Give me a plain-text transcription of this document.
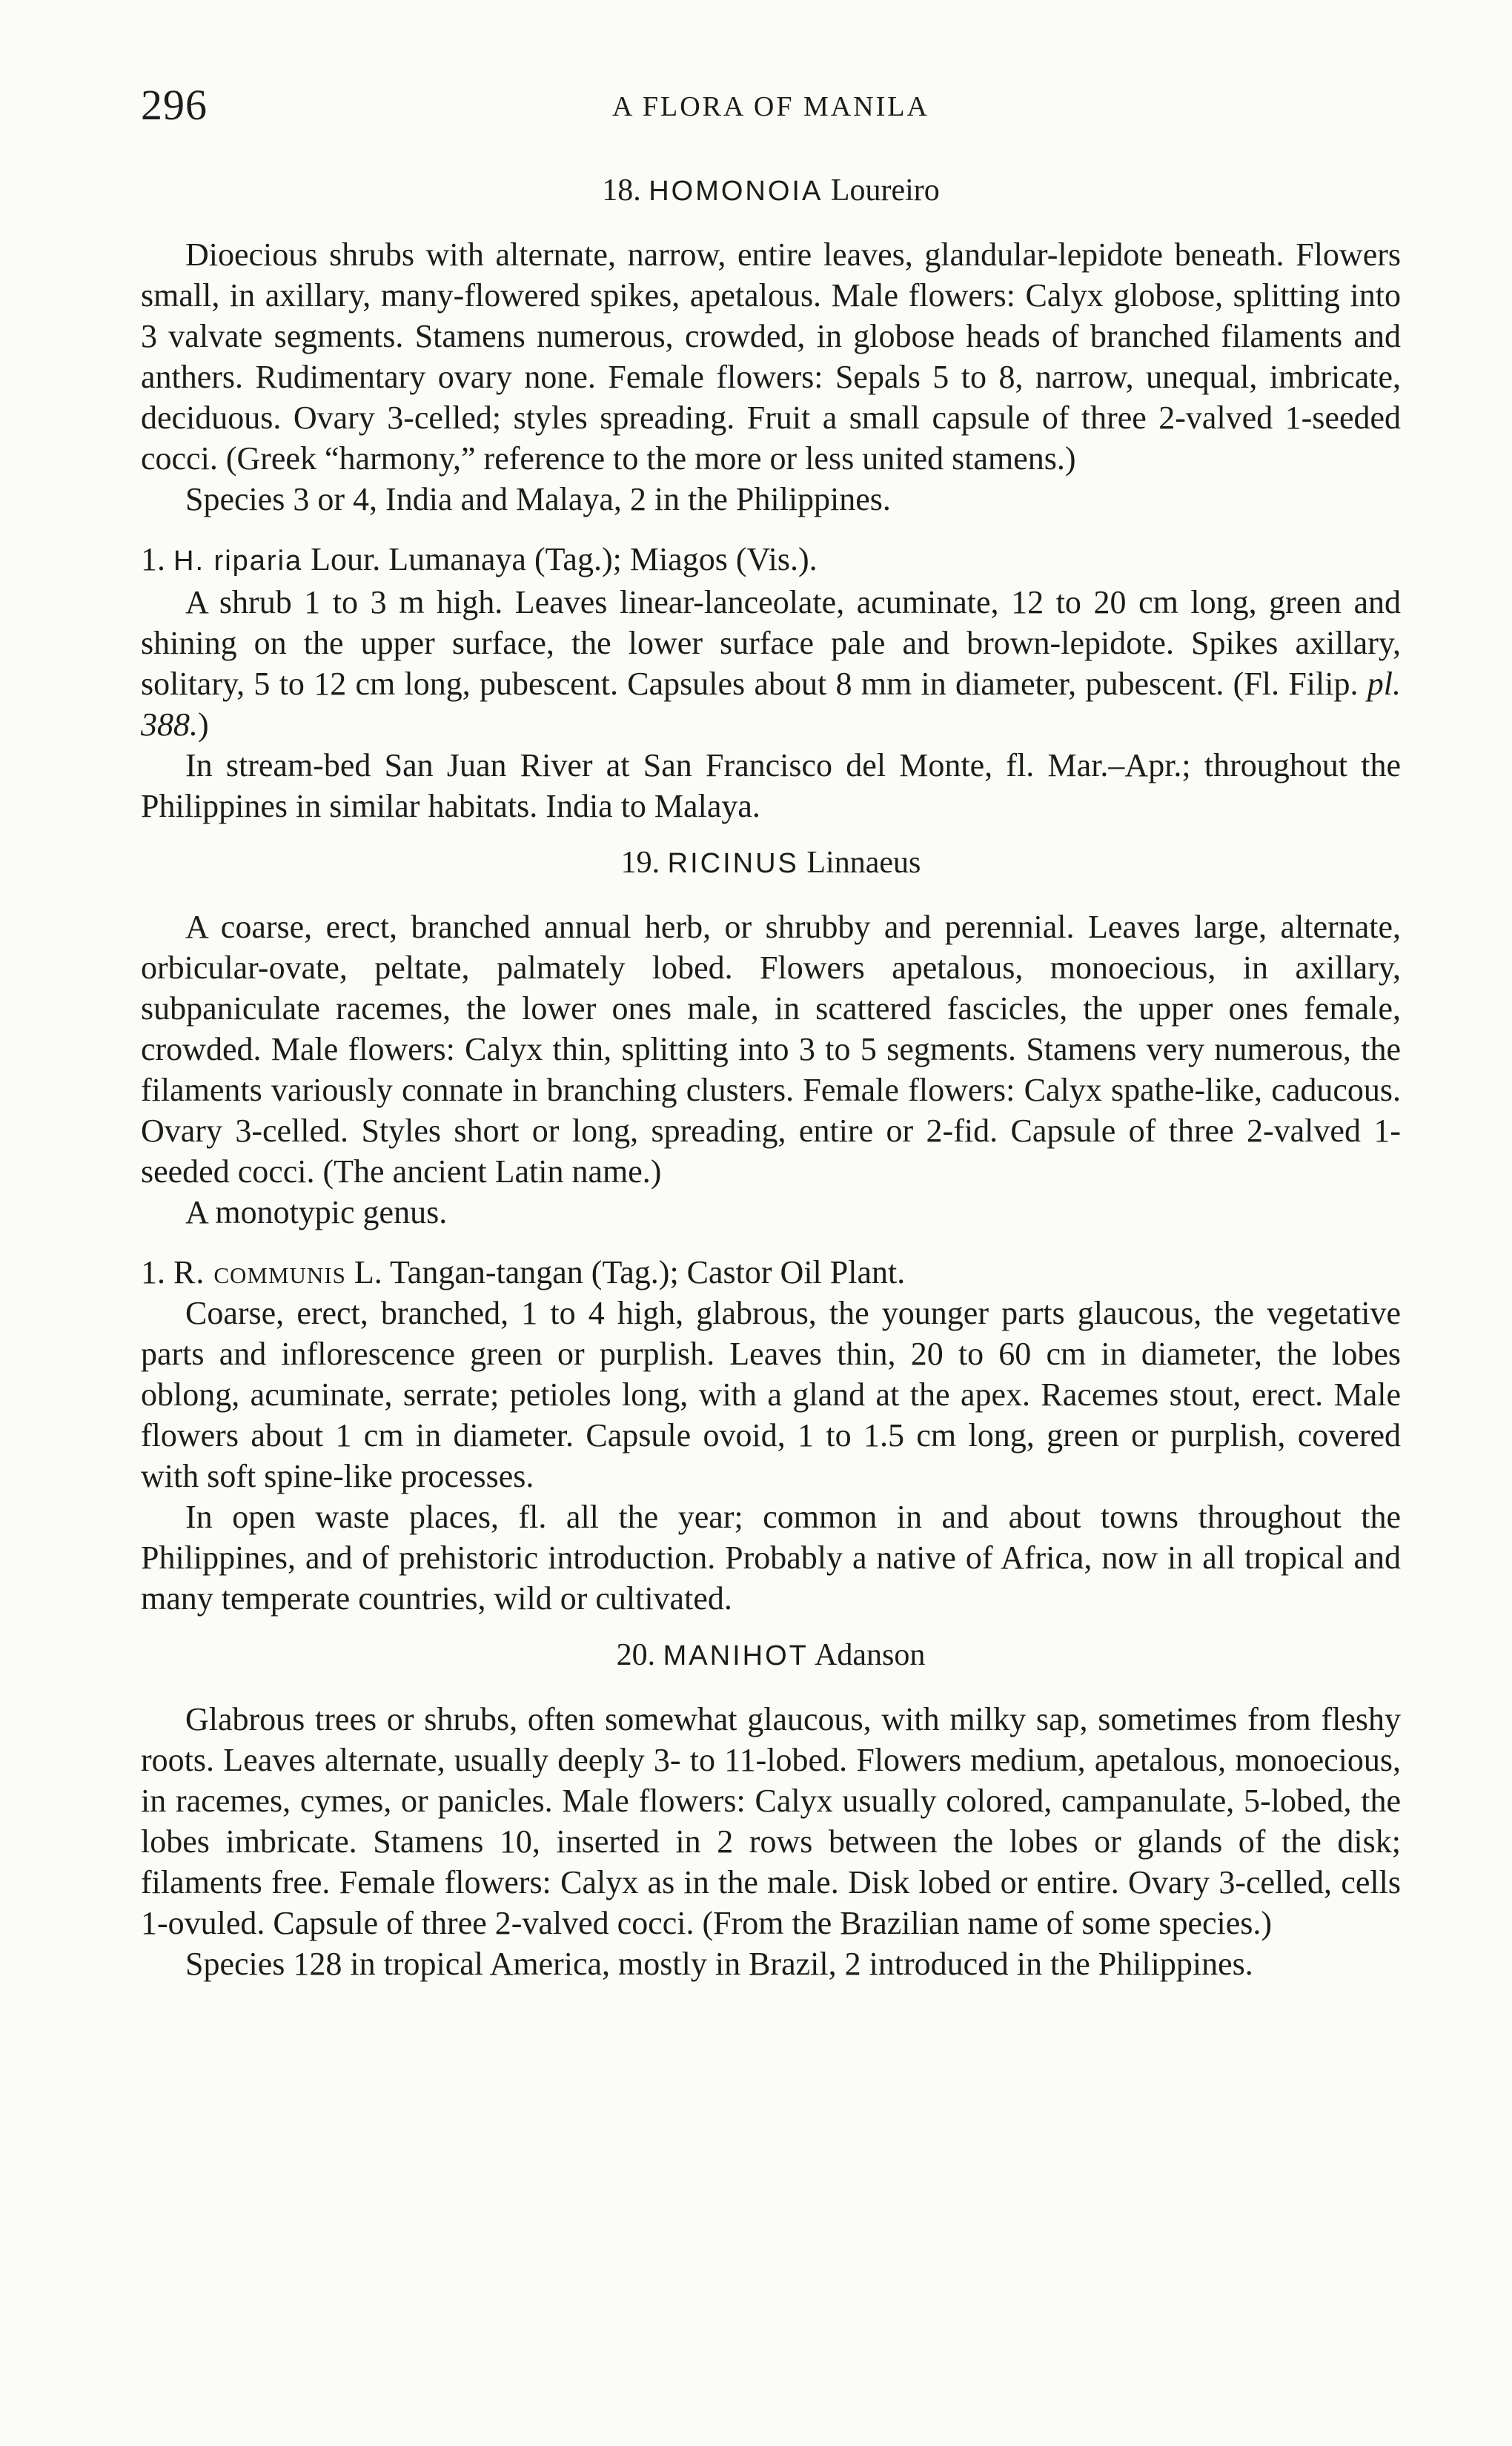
296	A FLORA OF MANILA
18. HOMONOIA Loureiro

Dioecious shrubs with alternate, narrow, entire leaves, glandular-lepidote beneath. Flowers small, in axillary, many-flowered spikes, apetalous. Male flowers: Calyx globose, splitting into 3 valvate segments. Stamens numerous, crowded, in globose heads of branched filaments and anthers. Rudimentary ovary none. Female flowers: Sepals 5 to 8, narrow, unequal, imbricate, deciduous. Ovary 3-celled; styles spreading. Fruit a small capsule of three 2-valved 1-seeded cocci. (Greek “harmony,” reference to the more or less united stamens.)

Species 3 or 4, India and Malaya, 2 in the Philippines.

1. H. riparia Lour. Lumanaya (Tag.); Miagos (Vis.).

A shrub 1 to 3 m high. Leaves linear-lanceolate, acuminate, 12 to 20 cm long, green and shining on the upper surface, the lower surface pale and brown-lepidote. Spikes axillary, solitary, 5 to 12 cm long, pubescent. Capsules about 8 mm in diameter, pubescent. (Fl. Filip. pl. 388.)

In stream-bed San Juan River at San Francisco del Monte, fl. Mar.–Apr.; throughout the Philippines in similar habitats. India to Malaya.

19. RICINUS Linnaeus

A coarse, erect, branched annual herb, or shrubby and perennial. Leaves large, alternate, orbicular-ovate, peltate, palmately lobed. Flowers apetalous, monoecious, in axillary, subpaniculate racemes, the lower ones male, in scattered fascicles, the upper ones female, crowded. Male flowers: Calyx thin, splitting into 3 to 5 segments. Stamens very numerous, the filaments variously connate in branching clusters. Female flowers: Calyx spathe-like, caducous. Ovary 3-celled. Styles short or long, spreading, entire or 2-fid. Capsule of three 2-valved 1-seeded cocci. (The ancient Latin name.)

A monotypic genus.

1. R. communis L. Tangan-tangan (Tag.); Castor Oil Plant.

Coarse, erect, branched, 1 to 4 high, glabrous, the younger parts glaucous, the vegetative parts and inflorescence green or purplish. Leaves thin, 20 to 60 cm in diameter, the lobes oblong, acuminate, serrate; petioles long, with a gland at the apex. Racemes stout, erect. Male flowers about 1 cm in diameter. Capsule ovoid, 1 to 1.5 cm long, green or purplish, covered with soft spine-like processes.

In open waste places, fl. all the year; common in and about towns throughout the Philippines, and of prehistoric introduction. Probably a native of Africa, now in all tropical and many temperate countries, wild or cultivated.

20. MANIHOT Adanson

Glabrous trees or shrubs, often somewhat glaucous, with milky sap, sometimes from fleshy roots. Leaves alternate, usually deeply 3- to 11-lobed. Flowers medium, apetalous, monoecious, in racemes, cymes, or panicles. Male flowers: Calyx usually colored, campanulate, 5-lobed, the lobes imbricate. Stamens 10, inserted in 2 rows between the lobes or glands of the disk; filaments free. Female flowers: Calyx as in the male. Disk lobed or entire. Ovary 3-celled, cells 1-ovuled. Capsule of three 2-valved cocci. (From the Brazilian name of some species.)

Species 128 in tropical America, mostly in Brazil, 2 introduced in the Philippines.
